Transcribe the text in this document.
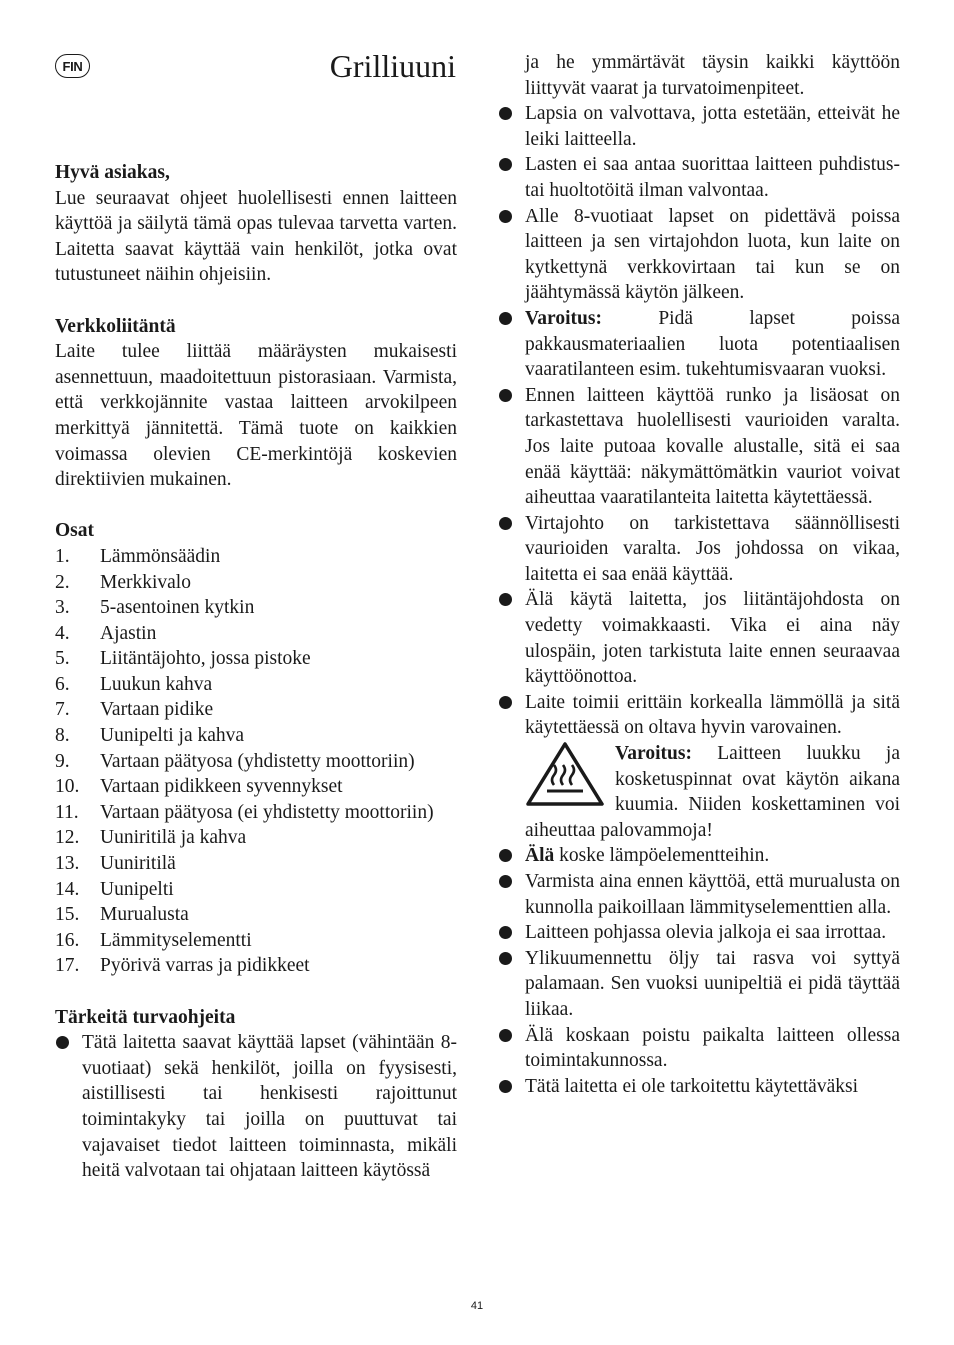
FIN	Grilliuuni
Hyvä asiakas,
Lue seuraavat ohjeet huolellisesti ennen laitteen käyttöä ja säilytä tämä opas tulevaa tarvetta varten. Laitetta saavat käyttää vain henkilöt, jotka ovat tutustuneet näihin ohjeisiin.
Verkkoliitäntä
Laite tulee liittää määräysten mukaisesti asennettuun, maadoitettuun pistorasiaan. Varmista, että verkkojännite vastaa laitteen arvokilpeen merkittyä jännitettä. Tämä tuote on kaikkien voimassa olevien CE-merkintöjä koskevien direktiivien mukainen.
Osat
1.	Lämmönsäädin
2.	Merkkivalo
3.	5-asentoinen kytkin
4.	Ajastin
5.	Liitäntäjohto, jossa pistoke
6.	Luukun kahva
7.	Vartaan pidike
8.	Uunipelti ja kahva
9.	Vartaan päätyosa (yhdistetty moottoriin)
10.	Vartaan pidikkeen syvennykset
11.	Vartaan päätyosa (ei yhdistetty moottoriin)
12.	Uuniritilä ja kahva
13.	Uuniritilä
14.	Uunipelti
15.	Murualusta
16.	Lämmityselementti
17.	Pyörivä varras ja pidikkeet
Tärkeitä turvaohjeita
Tätä laitetta saavat käyttää lapset (vähintään 8-vuotiaat) sekä henkilöt, joilla on fyysisesti, aistillisesti tai henkisesti rajoittunut toimintakyky tai joilla on puuttuvat tai vajavaiset tiedot laitteen toiminnasta, mikäli heitä valvotaan tai ohjataan laitteen käytössä
ja he ymmärtävät täysin kaikki käyttöön liittyvät vaarat ja turvatoimenpiteet.
Lapsia on valvottava, jotta estetään, etteivät he leiki laitteella.
Lasten ei saa antaa suorittaa laitteen puhdistus- tai huoltotöitä ilman valvontaa.
Alle 8-vuotiaat lapset on pidettävä poissa laitteen ja sen virtajohdon luota, kun laite on kytkettynä verkkovirtaan tai kun se on jäähtymässä käytön jälkeen.
Varoitus: Pidä lapset poissa pakkausmateriaalien luota potentiaalisen vaaratilanteen esim. tukehtumisvaaran vuoksi.
Ennen laitteen käyttöä runko ja lisäosat on tarkastettava huolellisesti vaurioiden varalta. Jos laite putoaa kovalle alustalle, sitä ei saa enää käyttää: näkymättömätkin vauriot voivat aiheuttaa vaaratilanteita laitetta käytettäessä.
Virtajohto on tarkistettava säännöllisesti vaurioiden varalta. Jos johdossa on vikaa, laitetta ei saa enää käyttää.
Älä käytä laitetta, jos liitäntäjohdosta on vedetty voimakkaasti. Vika ei aina näy ulospäin, joten tarkistuta laite ennen seuraavaa käyttöönottoa.
Laite toimii erittäin korkealla lämmöllä ja sitä käytettäessä on oltava hyvin varovainen.
Varoitus: Laitteen luukku ja kosketuspinnat ovat käytön aikana kuumia. Niiden koskettaminen voi aiheuttaa palovammoja!
Älä koske lämpöelementteihin.
Varmista aina ennen käyttöä, että murualusta on kunnolla paikoillaan lämmityselementtien alla.
Laitteen pohjassa olevia jalkoja ei saa irrottaa.
Ylikuumennettu öljy tai rasva voi syttyä palamaan. Sen vuoksi uunipeltiä ei pidä täyttää liikaa.
Älä koskaan poistu paikalta laitteen ollessa toimintakunnossa.
Tätä laitetta ei ole tarkoitettu käytettäväksi
41
